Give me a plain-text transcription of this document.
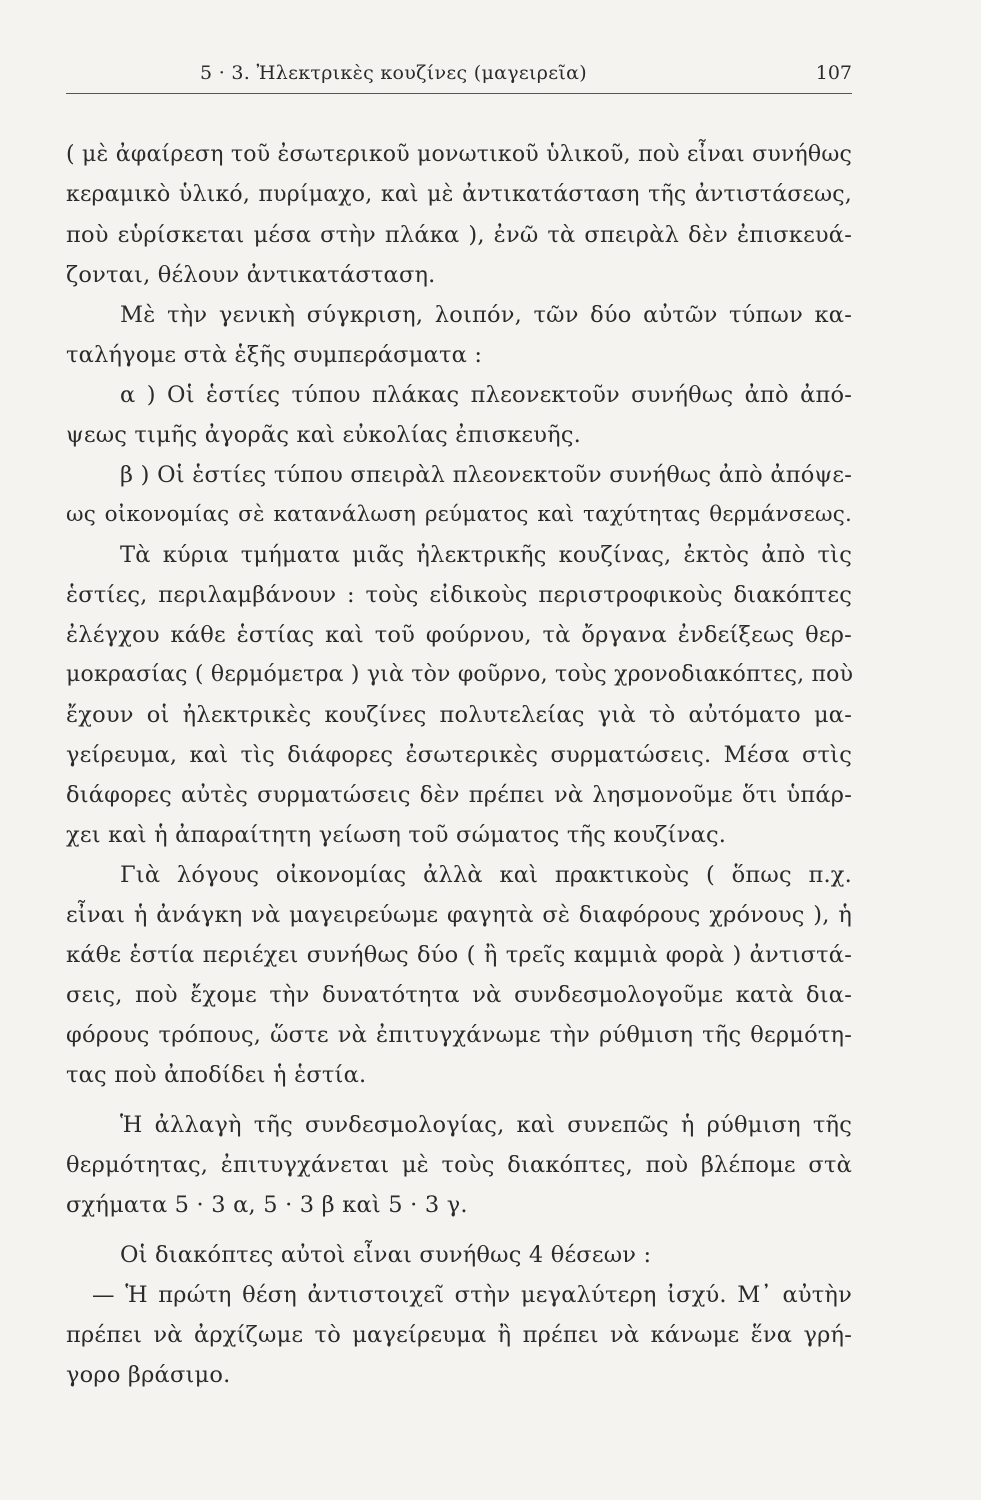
5 · 3. Ἠλεκτρικὲς κουζίνες (μαγειρεῖα)	107
( μὲ ἀφαίρεση τοῦ ἐσωτερικοῦ μονωτικοῦ ὑλικοῦ, ποὺ εἶναι συνήθως
κεραμικὸ ὑλικό, πυρίμαχο, καὶ μὲ ἀντικατάσταση τῆς ἀντιστάσεως,
ποὺ εὑρίσκεται μέσα στὴν πλάκα ), ἐνῶ τὰ σπειρὰλ δὲν ἐπισκευά-
ζονται, θέλουν ἀντικατάσταση.
Μὲ τὴν γενικὴ σύγκριση, λοιπόν, τῶν δύο αὐτῶν τύπων κα-
ταλήγομε στὰ ἑξῆς συμπεράσματα :
α ) Οἱ ἑστίες τύπου πλάκας πλεονεκτοῦν συνήθως ἀπὸ ἀπό-
ψεως τιμῆς ἀγορᾶς καὶ εὐκολίας ἐπισκευῆς.
β ) Οἱ ἑστίες τύπου σπειρὰλ πλεονεκτοῦν συνήθως ἀπὸ ἀπόψε-
ως οἰκονομίας σὲ κατανάλωση ρεύματος καὶ ταχύτητας θερμάνσεως.
Τὰ κύρια τμήματα μιᾶς ἠλεκτρικῆς κουζίνας, ἐκτὸς ἀπὸ τὶς
ἑστίες, περιλαμβάνουν : τοὺς εἰδικοὺς περιστροφικοὺς διακόπτες
ἐλέγχου κάθε ἑστίας καὶ τοῦ φούρνου, τὰ ὄργανα ἐνδείξεως θερ-
μοκρασίας ( θερμόμετρα ) γιὰ τὸν φοῦρνο, τοὺς χρονοδιακόπτες, ποὺ
ἔχουν οἱ ἠλεκτρικὲς κουζίνες πολυτελείας γιὰ τὸ αὐτόματο μα-
γείρευμα, καὶ τὶς διάφορες ἐσωτερικὲς συρματώσεις. Μέσα στὶς
διάφορες αὐτὲς συρματώσεις δὲν πρέπει νὰ λησμονοῦμε ὅτι ὑπάρ-
χει καὶ ἡ ἀπαραίτητη γείωση τοῦ σώματος τῆς κουζίνας.
Γιὰ λόγους οἰκονομίας ἀλλὰ καὶ πρακτικοὺς ( ὅπως π.χ.
εἶναι ἡ ἀνάγκη νὰ μαγειρεύωμε φαγητὰ σὲ διαφόρους χρόνους ), ἡ
κάθε ἑστία περιέχει συνήθως δύο ( ἢ τρεῖς καμμιὰ φορὰ ) ἀντιστά-
σεις, ποὺ ἔχομε τὴν δυνατότητα νὰ συνδεσμολογοῦμε κατὰ δια-
φόρους τρόπους, ὥστε νὰ ἐπιτυγχάνωμε τὴν ρύθμιση τῆς θερμότη-
τας ποὺ ἀποδίδει ἡ ἑστία.
Ἡ ἀλλαγὴ τῆς συνδεσμολογίας, καὶ συνεπῶς ἡ ρύθμιση τῆς
θερμότητας, ἐπιτυγχάνεται μὲ τοὺς διακόπτες, ποὺ βλέπομε στὰ
σχήματα 5 · 3 α, 5 · 3 β καὶ 5 · 3 γ.
Οἱ διακόπτες αὐτοὶ εἶναι συνήθως 4 θέσεων :
— Ἡ πρώτη θέση ἀντιστοιχεῖ στὴν μεγαλύτερη ἰσχύ. Μ᾽ αὐτὴν
πρέπει νὰ ἀρχίζωμε τὸ μαγείρευμα ἢ πρέπει νὰ κάνωμε ἕνα γρή-
γορο βράσιμο.
